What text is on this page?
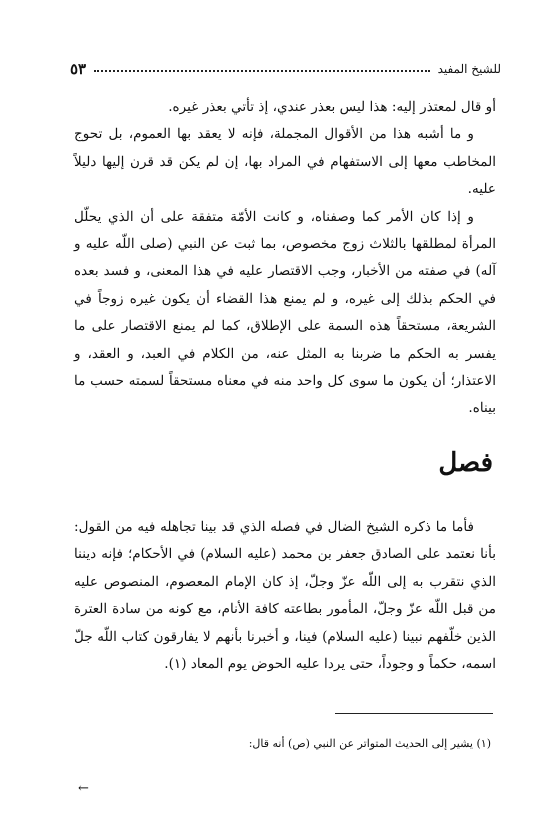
للشيخ المفيد
٥٣

أو قال لمعتذر إليه: هذا ليس بعذر عندي، إذ تأتي بعذر غيره.

و ما أشبه هذا من الأقوال المجملة، فإنه لا يعقد بها العموم، بل تحوج المخاطب معها إلى الاستفهام في المراد بها، إن لم يكن قد قرن إليها دليلاً عليه.

و إذا كان الأمر كما وصفناه، و كانت الأمّة متفقة على أن الذي يحلّل المرأة لمطلقها بالثلاث زوج مخصوص، بما ثبت عن النبي (صلى اللّه عليه و آله) في صفته من الأخبار، وجب الاقتصار عليه في هذا المعنى، و فسد بعده في الحكم بذلك إلى غيره، و لم يمنع هذا القضاء أن يكون غيره زوجاً في الشريعة، مستحقاً هذه السمة على الإطلاق، كما لم يمنع الاقتصار على ما يفسر به الحكم ما ضربنا به المثل عنه، من الكلام في العبد، و العقد، و الاعتذار؛ أن يكون ما سوى كل واحد منه في معناه مستحقاً لسمته حسب ما بيناه.

فصل

فأما ما ذكره الشيخ الضال في فصله الذي قد بينا تجاهله فيه من القول: بأنا نعتمد على الصادق جعفر بن محمد (عليه السلام) في الأحكام؛ فإنه ديننا الذي نتقرب به إلى اللّه عزّ وجلّ، إذ كان الإمام المعصوم، المنصوص عليه من قبل اللّه عزّ وجلّ، المأمور بطاعته كافة الأنام، مع كونه من سادة العترة الذين خلّفهم نبينا (عليه السلام) فينا، و أخبرنا بأنهم لا يفارقون كتاب اللّه جلّ اسمه، حكماً و وجوداً، حتى يردا عليه الحوض يوم المعاد (١).

(١) يشير إلى الحديث المتواتر عن النبي (ص) أنه قال:
←
